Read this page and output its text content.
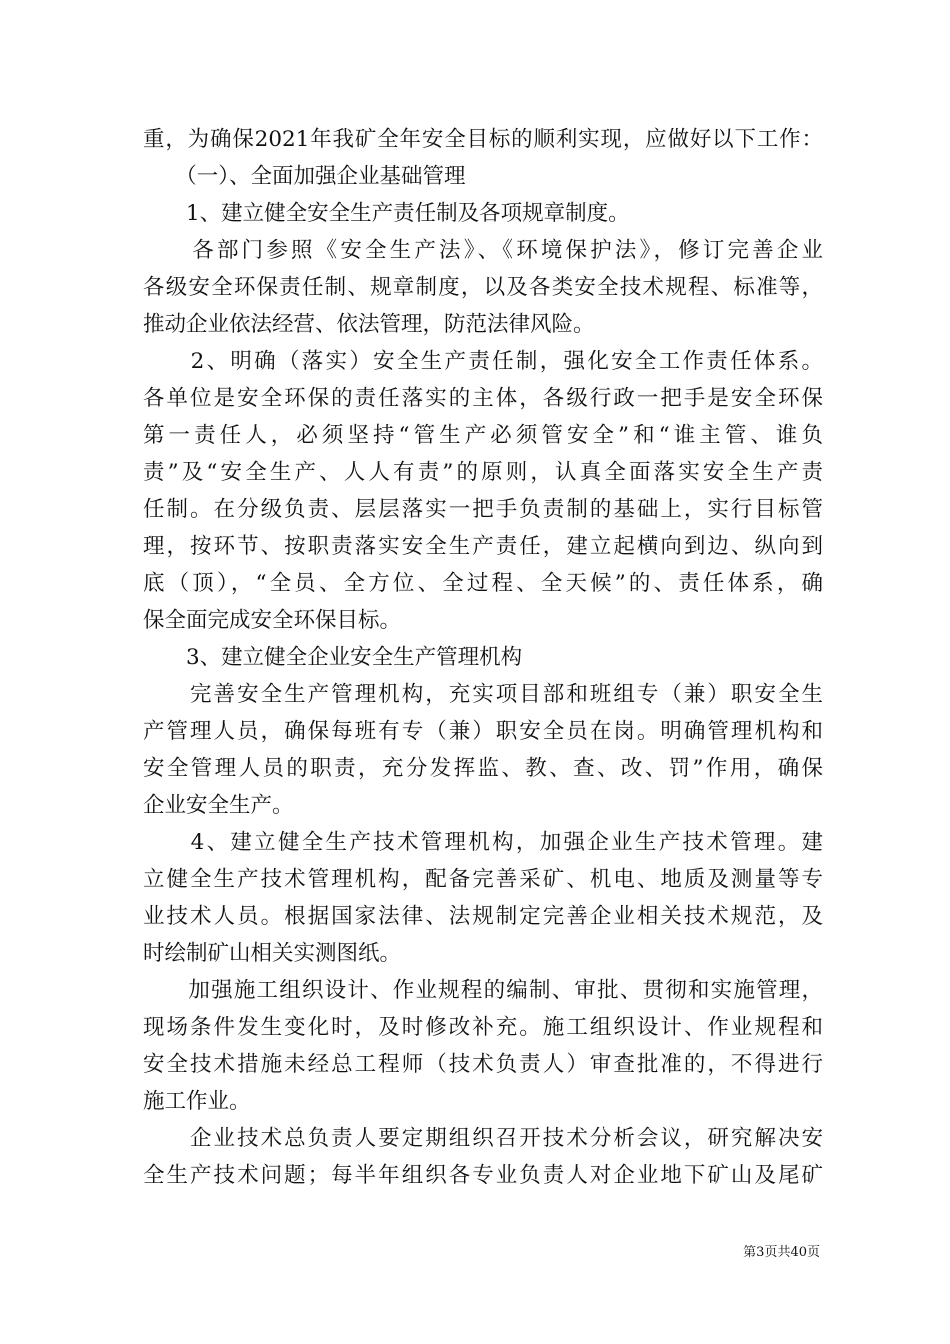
重，为确保2021年我矿全年安全目标的顺利实现，应做好以下工作：
　　（一）、全面加强企业基础管理
　　1、建立健全安全生产责任制及各项规章制度。
　　各部门参照《安全生产法》、《环境保护法》，修订完善企业
各级安全环保责任制、规章制度，以及各类安全技术规程、标准等，
推动企业依法经营、依法管理，防范法律风险。
　　2、明确（落实）安全生产责任制，强化安全工作责任体系。
各单位是安全环保的责任落实的主体，各级行政一把手是安全环保
第一责任人，必须坚持“管生产必须管安全”和“谁主管、谁负
责”及“安全生产、人人有责”的原则，认真全面落实安全生产责
任制。在分级负责、层层落实一把手负责制的基础上，实行目标管
理，按环节、按职责落实安全生产责任，建立起横向到边、纵向到
底（顶），“全员、全方位、全过程、全天候”的、责任体系，确
保全面完成安全环保目标。
　　3、建立健全企业安全生产管理机构
　　完善安全生产管理机构，充实项目部和班组专（兼）职安全生
产管理人员，确保每班有专（兼）职安全员在岗。明确管理机构和
安全管理人员的职责，充分发挥监、教、查、改、罚”作用，确保
企业安全生产。
　　4、建立健全生产技术管理机构，加强企业生产技术管理。建
立健全生产技术管理机构，配备完善采矿、机电、地质及测量等专
业技术人员。根据国家法律、法规制定完善企业相关技术规范，及
时绘制矿山相关实测图纸。
　　加强施工组织设计、作业规程的编制、审批、贯彻和实施管理，
现场条件发生变化时，及时修改补充。施工组织设计、作业规程和
安全技术措施未经总工程师（技术负责人）审查批准的，不得进行
施工作业。
　　企业技术总负责人要定期组织召开技术分析会议，研究解决安
全生产技术问题；每半年组织各专业负责人对企业地下矿山及尾矿
第3页共40页
